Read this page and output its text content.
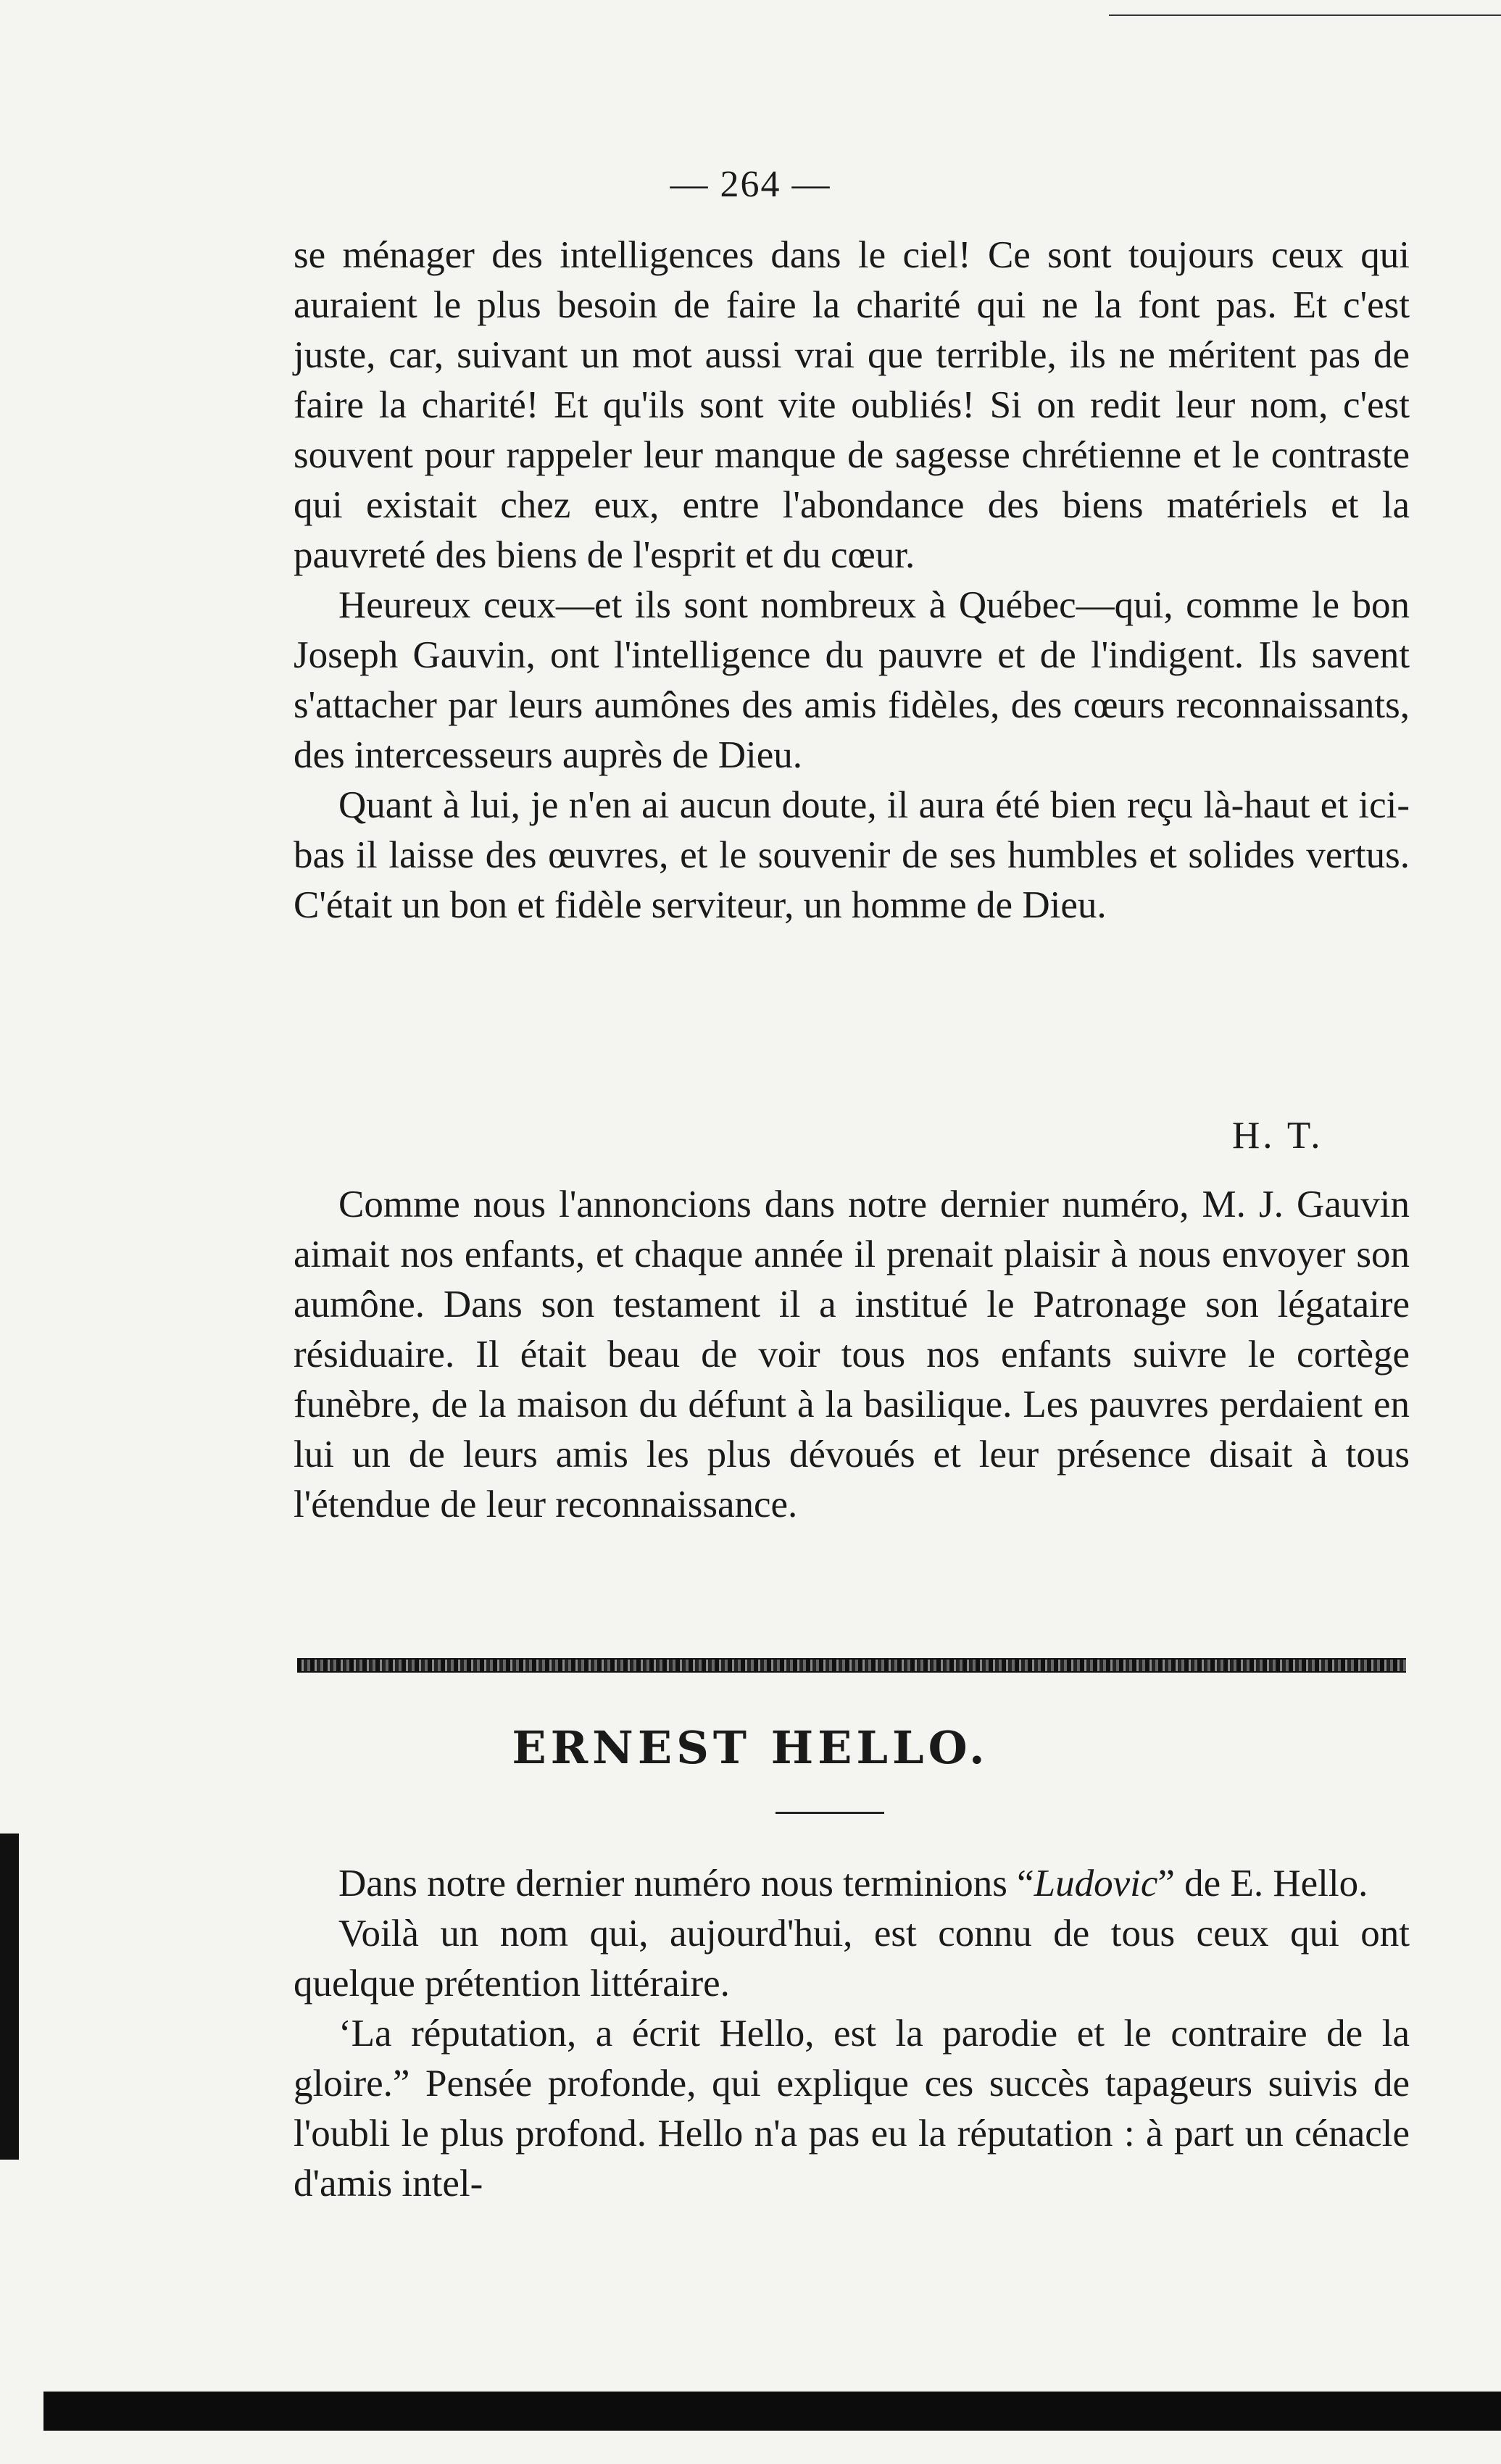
— 264 —

se ménager des intelligences dans le ciel! Ce sont toujours ceux qui auraient le plus besoin de faire la charité qui ne la font pas. Et c'est juste, car, suivant un mot aussi vrai que terrible, ils ne méritent pas de faire la charité! Et qu'ils sont vite oubliés! Si on redit leur nom, c'est souvent pour rappeler leur manque de sagesse chrétienne et le contraste qui existait chez eux, entre l'abondance des biens matériels et la pauvreté des biens de l'esprit et du cœur.

Heureux ceux—et ils sont nombreux à Québec—qui, comme le bon Joseph Gauvin, ont l'intelligence du pauvre et de l'indigent. Ils savent s'attacher par leurs aumônes des amis fidèles, des cœurs reconnaissants, des intercesseurs auprès de Dieu.

Quant à lui, je n'en ai aucun doute, il aura été bien reçu là-haut et ici-bas il laisse des œuvres, et le souvenir de ses humbles et solides vertus. C'était un bon et fidèle serviteur, un homme de Dieu.

H. T.

Comme nous l'annoncions dans notre dernier numéro, M. J. Gauvin aimait nos enfants, et chaque année il prenait plaisir à nous envoyer son aumône. Dans son testament il a institué le Patronage son légataire résiduaire. Il était beau de voir tous nos enfants suivre le cortège funèbre, de la maison du défunt à la basilique. Les pauvres perdaient en lui un de leurs amis les plus dévoués et leur présence disait à tous l'étendue de leur reconnaissance.

ERNEST HELLO.

Dans notre dernier numéro nous terminions “Ludovic” de E. Hello.

Voilà un nom qui, aujourd'hui, est connu de tous ceux qui ont quelque prétention littéraire.

‘La réputation, a écrit Hello, est la parodie et le contraire de la gloire.” Pensée profonde, qui explique ces succès tapageurs suivis de l'oubli le plus profond. Hello n'a pas eu la réputation : à part un cénacle d'amis intel-
